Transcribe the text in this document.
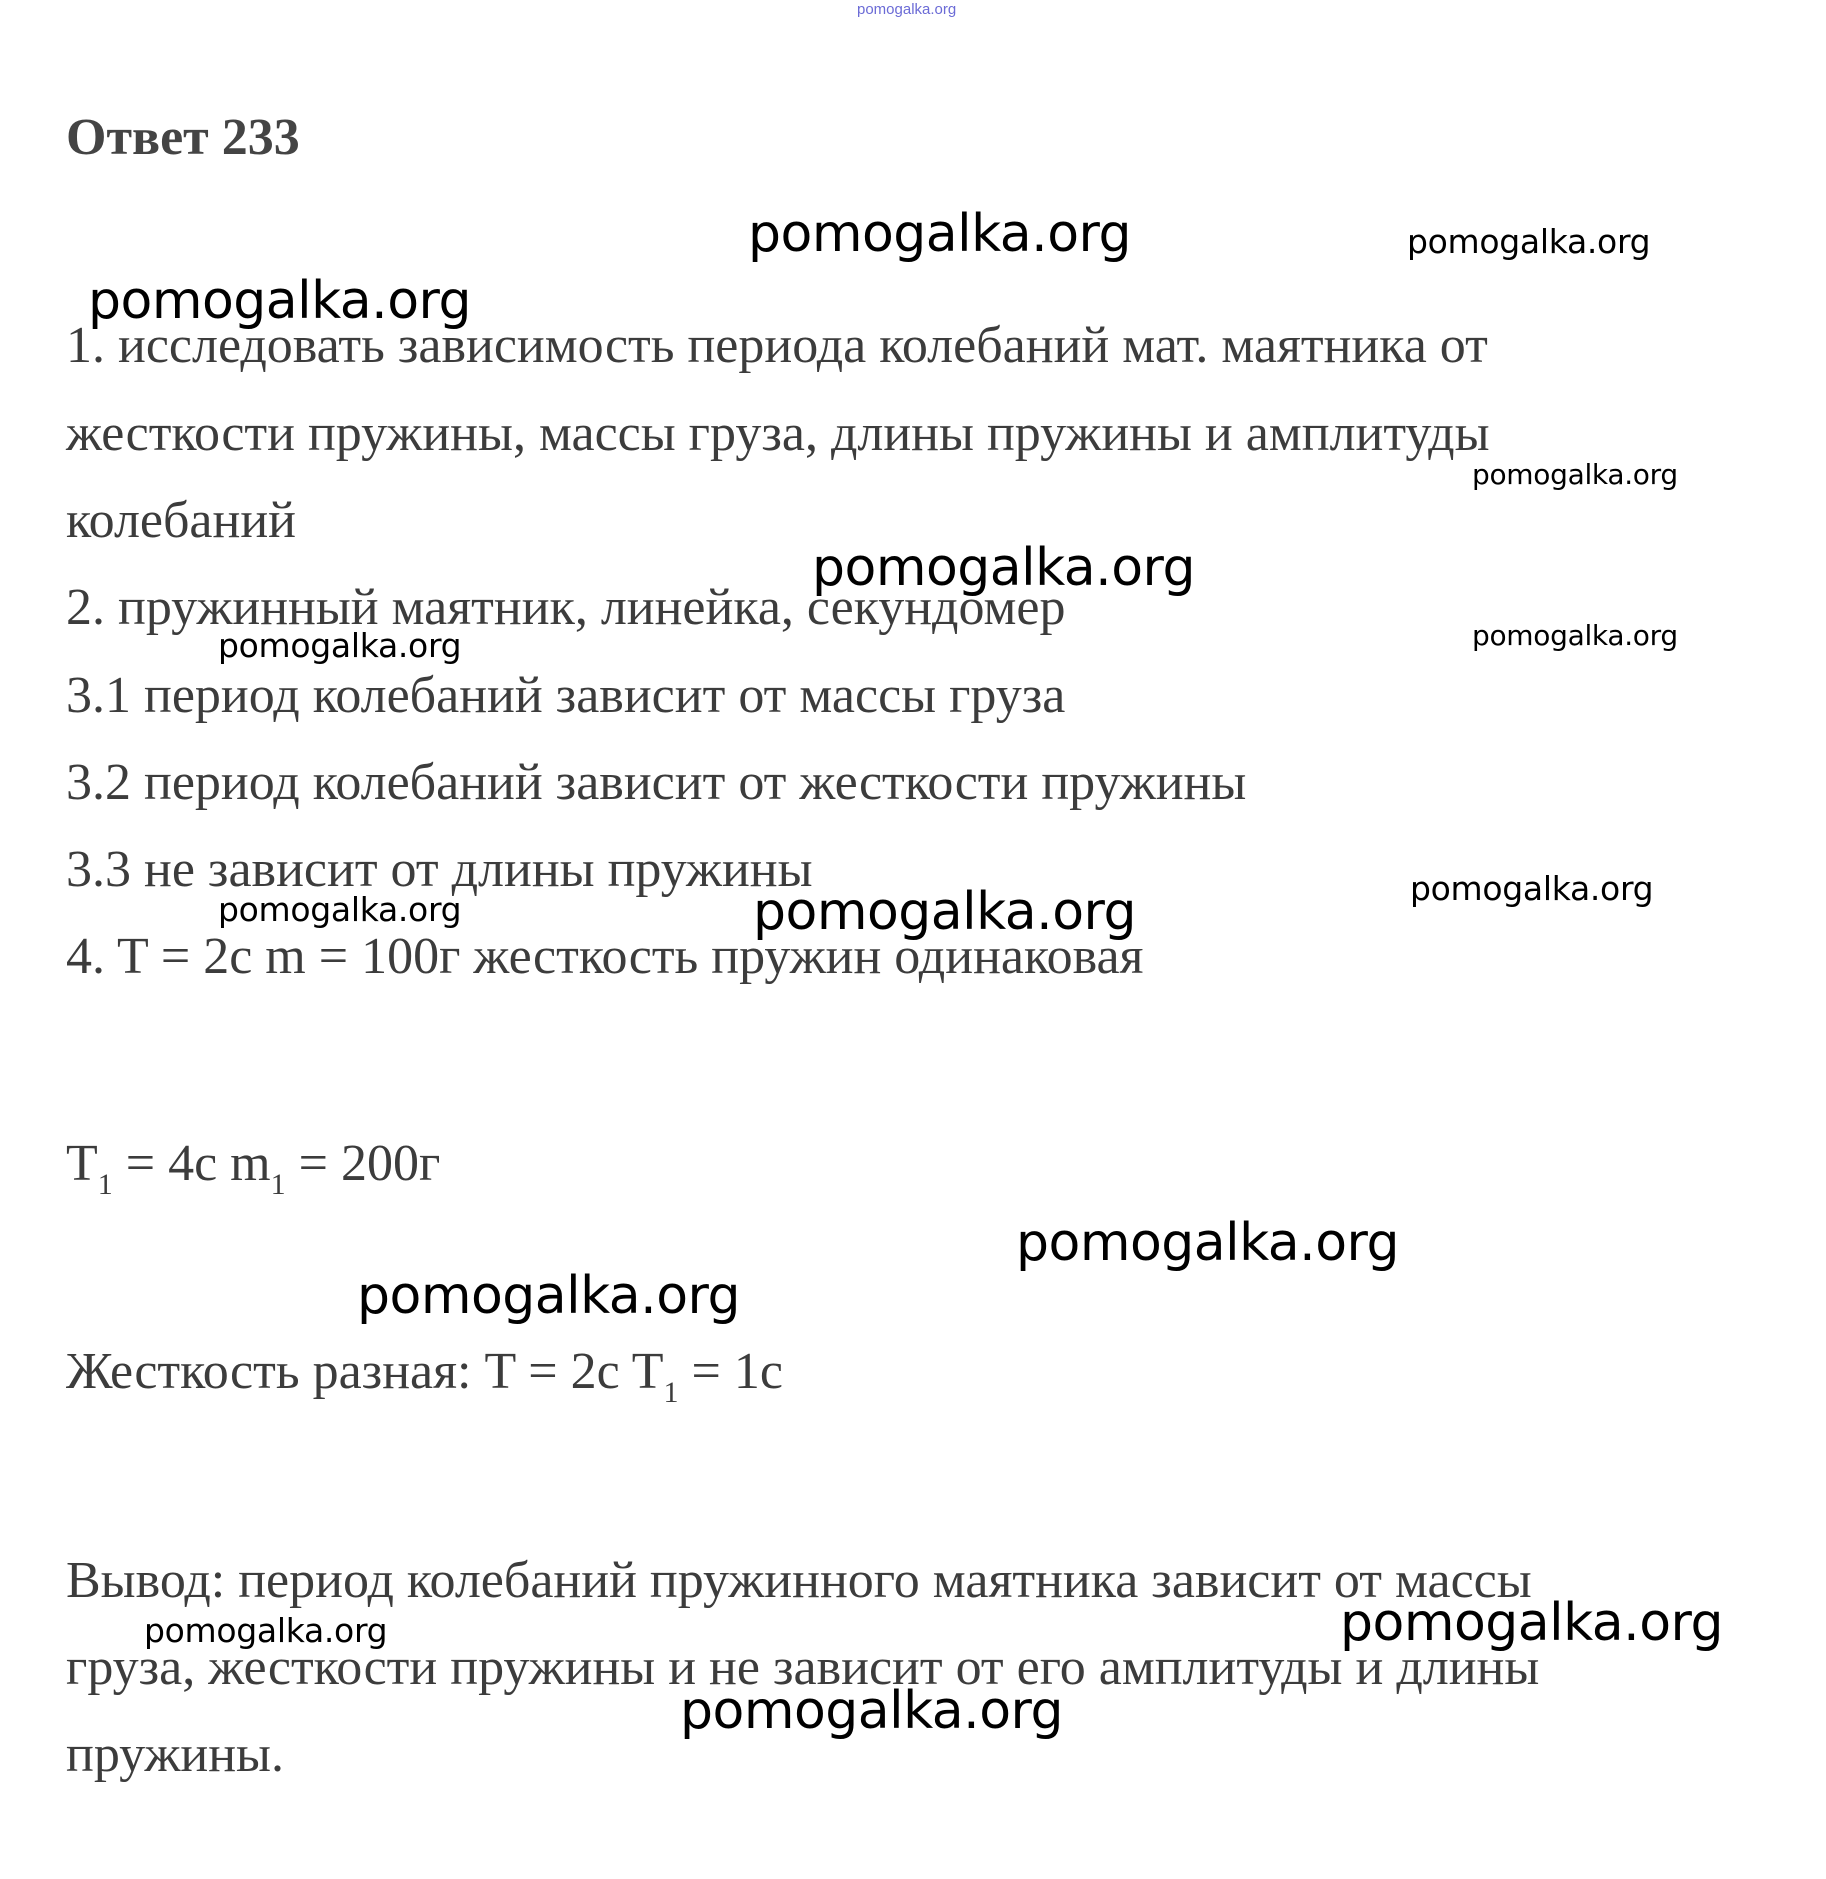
pomogalka.org
Ответ 233
1. исследовать зависимость периода колебаний мат. маятника от
жесткости пружины, массы груза, длины пружины и амплитуды
колебаний
2. пружинный маятник, линейка, секундомер
3.1 период колебаний зависит от массы груза
3.2 период колебаний зависит от жесткости пружины
3.3 не зависит от длины пружины
4. T = 2c m = 100г жесткость пружин одинаковая
$T_1 = 4c$ $m_1 = 200г$
Жесткость разная: T = 2c $T_1 = 1c$
Вывод: период колебаний пружинного маятника зависит от массы
груза, жесткости пружины и не зависит от его амплитуды и длины
пружины.
pomogalka.org	pomogalka.org
pomogalka.org
pomogalka.org
pomogalka.org
pomogalka.org	pomogalka.org
pomogalka.org
pomogalka.org	pomogalka.org
pomogalka.org
pomogalka.org
pomogalka.org	pomogalka.org
pomogalka.org
